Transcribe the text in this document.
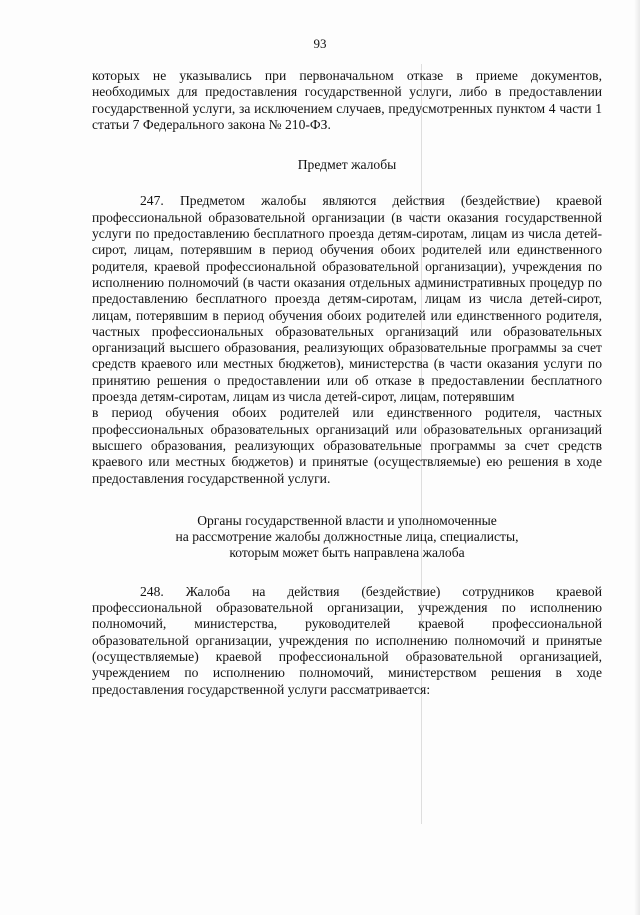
93

которых не указывались при первоначальном отказе в приеме документов, необходимых для предоставления государственной услуги, либо в предоставлении государственной услуги, за исключением случаев, предусмотренных пунктом 4 части 1 статьи 7 Федерального закона № 210-ФЗ.

Предмет жалобы

247. Предметом жалобы являются действия (бездействие) краевой профессиональной образовательной организации (в части оказания государственной услуги по предоставлению бесплатного проезда детям-сиротам, лицам из числа детей-сирот, лицам, потерявшим в период обучения обоих родителей или единственного родителя, краевой профессиональной образовательной организации), учреждения по исполнению полномочий (в части оказания отдельных административных процедур по предоставлению бесплатного проезда детям-сиротам, лицам из числа детей-сирот, лицам, потерявшим в период обучения обоих родителей или единственного родителя, частных профессиональных образовательных организаций или образовательных организаций высшего образования, реализующих образовательные программы за счет средств краевого или местных бюджетов), министерства (в части оказания услуги по принятию решения о предоставлении или об отказе в предоставлении бесплатного проезда детям-сиротам, лицам из числа детей-сирот, лицам, потерявшим

в период обучения обоих родителей или единственного родителя, частных профессиональных образовательных организаций или образовательных организаций высшего образования, реализующих образовательные программы за счет средств краевого или местных бюджетов) и принятые (осуществляемые) ею решения в ходе предоставления государственной услуги.

Органы государственной власти и уполномоченные
на рассмотрение жалобы должностные лица, специалисты,
которым может быть направлена жалоба

248. Жалоба на действия (бездействие) сотрудников краевой профессиональной образовательной организации, учреждения по исполнению полномочий, министерства, руководителей краевой профессиональной образовательной организации, учреждения по исполнению полномочий и принятые (осуществляемые) краевой профессиональной образовательной организацией, учреждением по исполнению полномочий, министерством решения в ходе предоставления государственной услуги рассматривается:
